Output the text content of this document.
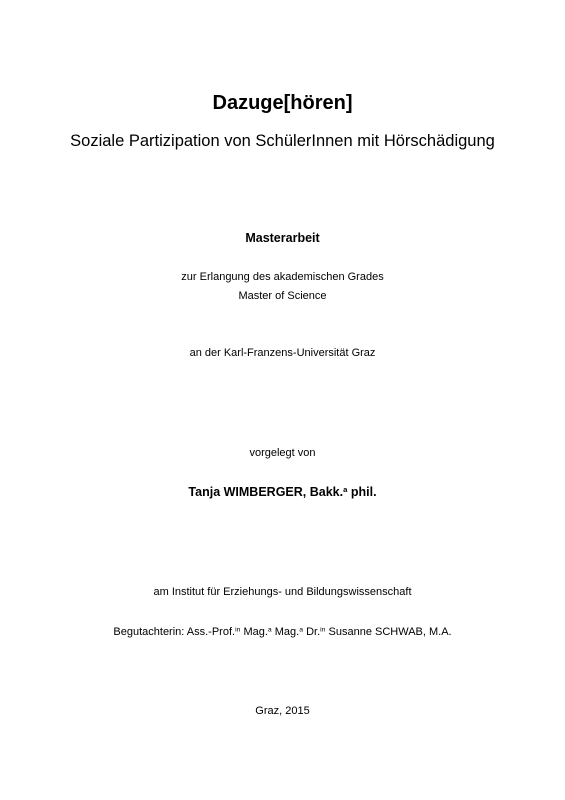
Dazuge[hören]
Soziale Partizipation von SchülerInnen mit Hörschädigung
Masterarbeit
zur Erlangung des akademischen Grades
Master of Science
an der Karl-Franzens-Universität Graz
vorgelegt von
Tanja WIMBERGER, Bakk.$^a$ phil.
am Institut für Erziehungs- und Bildungswissenschaft
Begutachterin: Ass.-Prof.$^{in}$ Mag.$^a$ Mag.$^a$ Dr.$^{in}$ Susanne SCHWAB, M.A.
Graz, 2015
